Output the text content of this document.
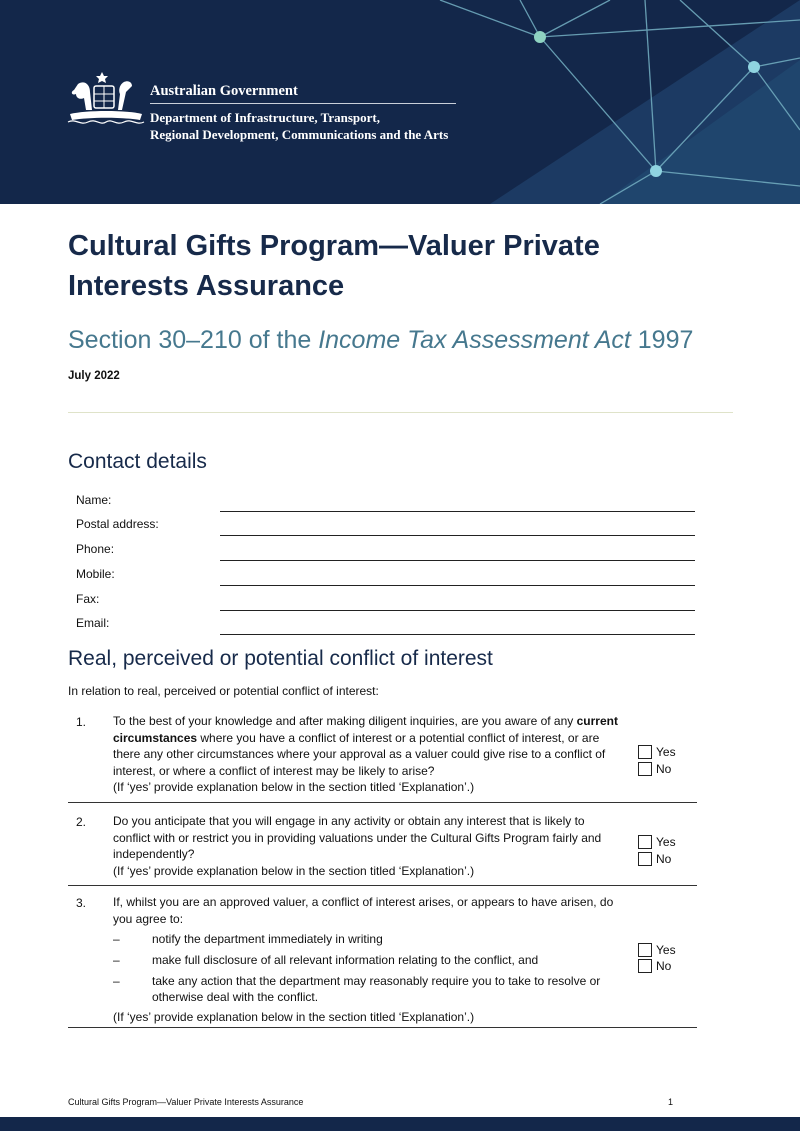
Australian Government
Department of Infrastructure, Transport,
Regional Development, Communications and the Arts
Cultural Gifts Program—Valuer Private Interests Assurance
Section 30–210 of the Income Tax Assessment Act 1997
July 2022
Contact details
Name:
Postal address:
Phone:
Mobile:
Fax:
Email:
Real, perceived or potential conflict of interest
In relation to real, perceived or potential conflict of interest:
1. To the best of your knowledge and after making diligent inquiries, are you aware of any current circumstances where you have a conflict of interest or a potential conflict of interest, or are there any other circumstances where your approval as a valuer could give rise to a conflict of interest, or where a conflict of interest may be likely to arise?
(If ‘yes’ provide explanation below in the section titled ‘Explanation’.)
Yes
No
2. Do you anticipate that you will engage in any activity or obtain any interest that is likely to conflict with or restrict you in providing valuations under the Cultural Gifts Program fairly and independently?
(If ‘yes’ provide explanation below in the section titled ‘Explanation’.)
Yes
No
3. If, whilst you are an approved valuer, a conflict of interest arises, or appears to have arisen, do you agree to:
–	notify the department immediately in writing
–	make full disclosure of all relevant information relating to the conflict, and
–	take any action that the department may reasonably require you to take to resolve or otherwise deal with the conflict.
(If ‘yes’ provide explanation below in the section titled ‘Explanation’.)
Yes
No
Cultural Gifts Program—Valuer Private Interests Assurance	1
